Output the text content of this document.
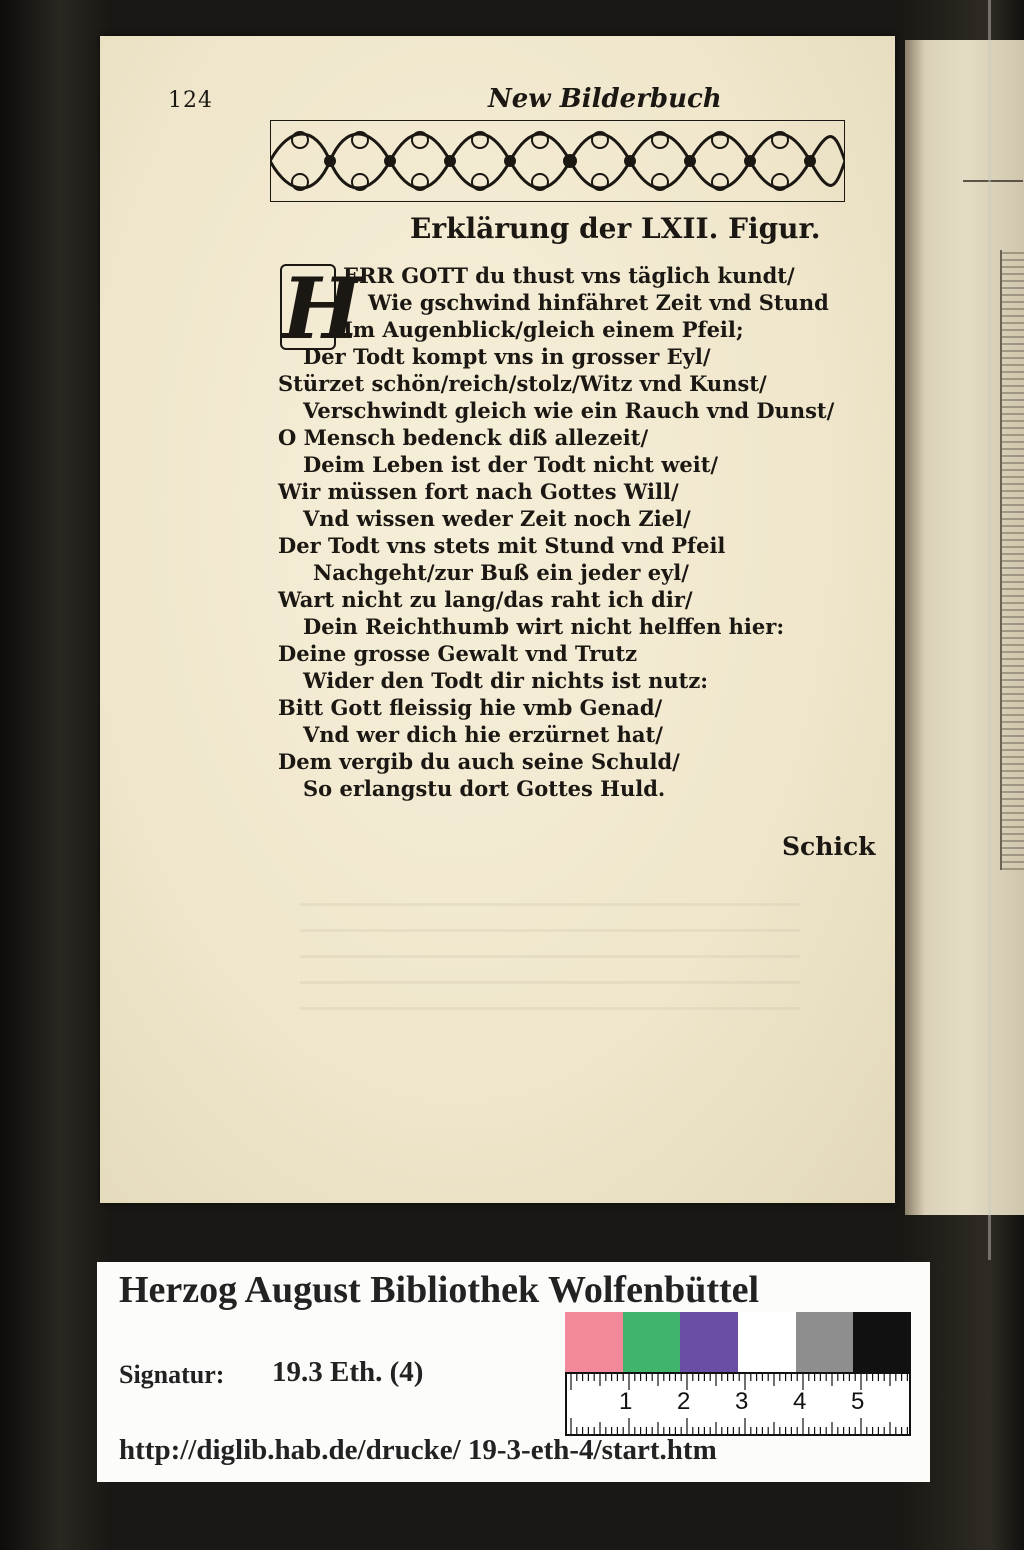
124	New Bilderbuch
Erklärung der LXII. Figur.
H
ERR GOTT du thust vns täglich kundt/
Wie gschwind hinfähret Zeit vnd Stund
Im Augenblick/gleich einem Pfeil;
Der Todt kompt vns in grosser Eyl/
Stürzet schön/reich/stolz/Witz vnd Kunst/
Verschwindt gleich wie ein Rauch vnd Dunst/
O Mensch bedenck diß allezeit/
Deim Leben ist der Todt nicht weit/
Wir müssen fort nach Gottes Will/
Vnd wissen weder Zeit noch Ziel/
Der Todt vns stets mit Stund vnd Pfeil
Nachgeht/zur Buß ein jeder eyl/
Wart nicht zu lang/das raht ich dir/
Dein Reichthumb wirt nicht helffen hier:
Deine grosse Gewalt vnd Trutz
Wider den Todt dir nichts ist nutz:
Bitt Gott fleissig hie vmb Genad/
Vnd wer dich hie erzürnet hat/
Dem vergib du auch seine Schuld/
So erlangstu dort Gottes Huld.
Schick
Herzog August Bibliothek Wolfenbüttel
1 2 3 4 5
Signatur: 19.3 Eth. (4)
http://diglib.hab.de/drucke/ 19-3-eth-4/start.htm
